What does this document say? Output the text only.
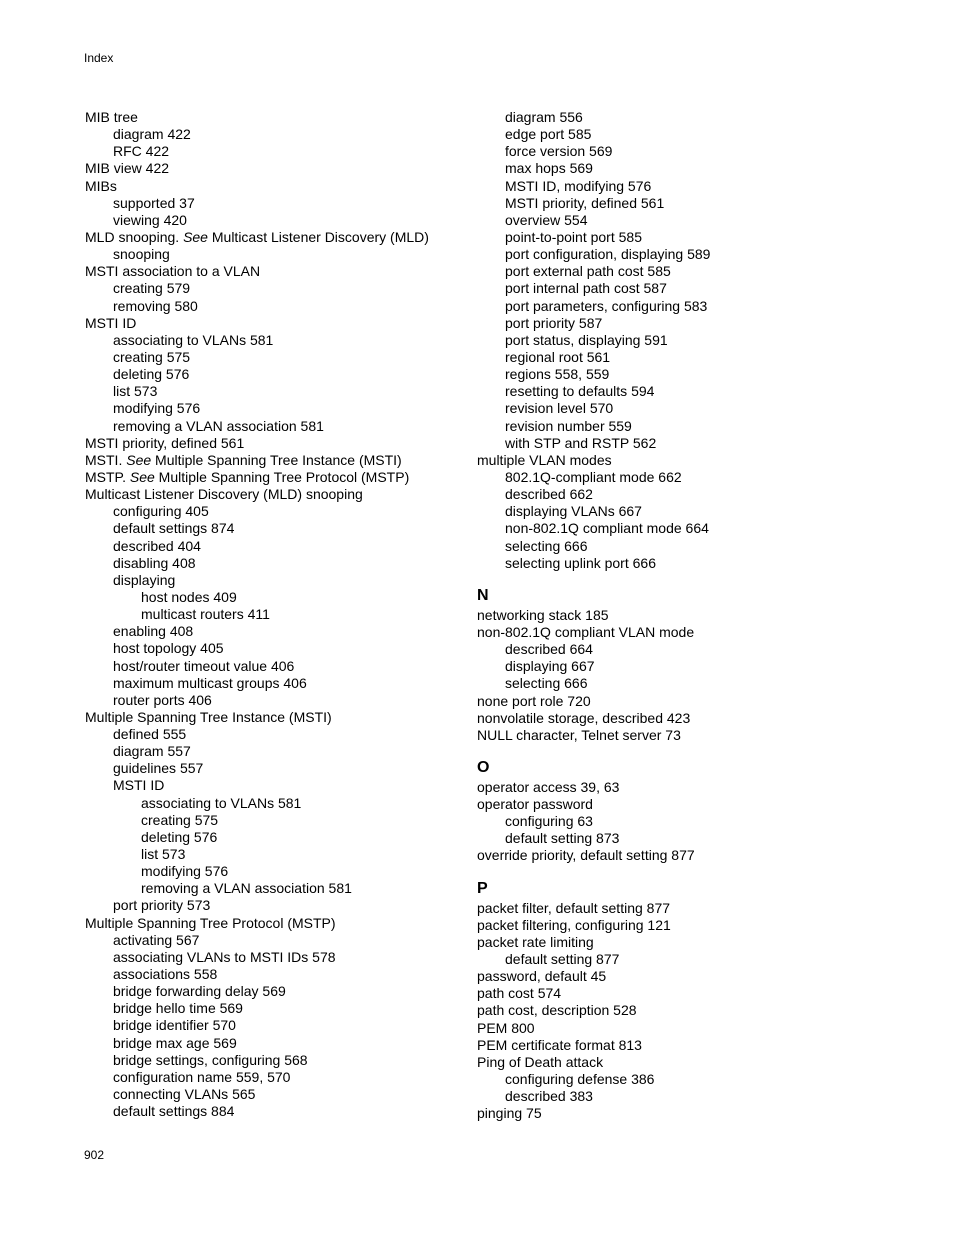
Index
MIB tree
diagram 422
RFC 422
MIB view 422
MIBs
supported 37
viewing 420
MLD snooping. See Multicast Listener Discovery (MLD)
snooping
MSTI association to a VLAN
creating 579
removing 580
MSTI ID
associating to VLANs 581
creating 575
deleting 576
list 573
modifying 576
removing a VLAN association 581
MSTI priority, defined 561
MSTI. See Multiple Spanning Tree Instance (MSTI)
MSTP. See Multiple Spanning Tree Protocol (MSTP)
Multicast Listener Discovery (MLD) snooping
configuring 405
default settings 874
described 404
disabling 408
displaying
host nodes 409
multicast routers 411
enabling 408
host topology 405
host/router timeout value 406
maximum multicast groups 406
router ports 406
Multiple Spanning Tree Instance (MSTI)
defined 555
diagram 557
guidelines 557
MSTI ID
associating to VLANs 581
creating 575
deleting 576
list 573
modifying 576
removing a VLAN association 581
port priority 573
Multiple Spanning Tree Protocol (MSTP)
activating 567
associating VLANs to MSTI IDs 578
associations 558
bridge forwarding delay 569
bridge hello time 569
bridge identifier 570
bridge max age 569
bridge settings, configuring 568
configuration name 559, 570
connecting VLANs 565
default settings 884
diagram 556
edge port 585
force version 569
max hops 569
MSTI ID, modifying 576
MSTI priority, defined 561
overview 554
point-to-point port 585
port configuration, displaying 589
port external path cost 585
port internal path cost 587
port parameters, configuring 583
port priority 587
port status, displaying 591
regional root 561
regions 558, 559
resetting to defaults 594
revision level 570
revision number 559
with STP and RSTP 562
multiple VLAN modes
802.1Q-compliant mode 662
described 662
displaying VLANs 667
non-802.1Q compliant mode 664
selecting 666
selecting uplink port 666
N
networking stack 185
non-802.1Q compliant VLAN mode
described 664
displaying 667
selecting 666
none port role 720
nonvolatile storage, described 423
NULL character, Telnet server 73
O
operator access 39, 63
operator password
configuring 63
default setting 873
override priority, default setting 877
P
packet filter, default setting 877
packet filtering, configuring 121
packet rate limiting
default setting 877
password, default 45
path cost 574
path cost, description 528
PEM 800
PEM certificate format 813
Ping of Death attack
configuring defense 386
described 383
pinging 75
902
